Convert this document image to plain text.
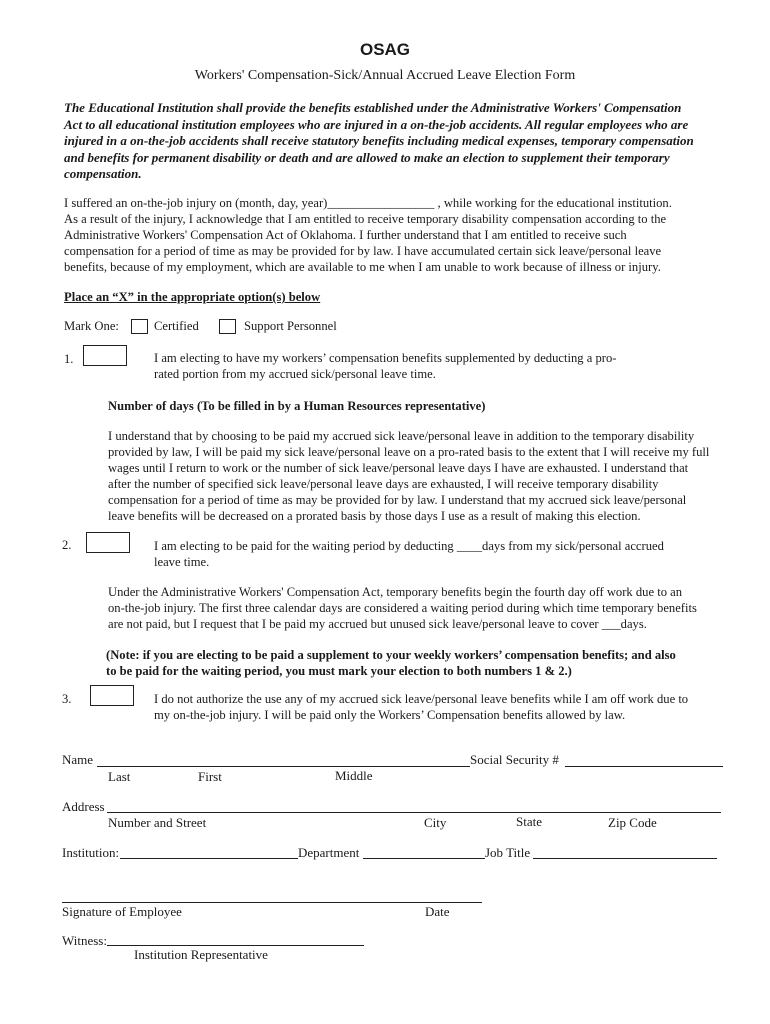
OSAG
Workers' Compensation-Sick/Annual Accrued Leave Election Form
The Educational Institution shall provide the benefits established under the Administrative Workers' Compensation
Act to all educational institution employees who are injured in a on-the-job accidents. All regular employees who are
injured in a on-the-job accidents shall receive statutory benefits including medical expenses, temporary compensation
and benefits for permanent disability or death and are allowed to make an election to supplement their temporary
compensation.
I suffered an on-the-job injury on (month, day, year)_________________ , while working for the educational institution.
As a result of the injury, I acknowledge that I am entitled to receive temporary disability compensation according to the
Administrative Workers' Compensation Act of Oklahoma. I further understand that I am entitled to receive such
compensation for a period of time as may be provided for by law. I have accumulated certain sick leave/personal leave
benefits, because of my employment, which are available to me when I am unable to work because of illness or injury.
Place an “X” in the appropriate option(s) below
Mark One:	Certified	Support Personnel
1.	I am electing to have my workers’ compensation benefits supplemented by deducting a pro-
rated portion from my accrued sick/personal leave time.
Number of days (To be filled in by a Human Resources representative)
I understand that by choosing to be paid my accrued sick leave/personal leave in addition to the temporary disability
provided by law, I will be paid my sick leave/personal leave on a pro-rated basis to the extent that I will receive my full
wages until I return to work or the number of sick leave/personal leave days I have are exhausted. I understand that
after the number of specified sick leave/personal leave days are exhausted, I will receive temporary disability
compensation for a period of time as may be provided for by law. I understand that my accrued sick leave/personal
leave benefits will be decreased on a prorated basis by those days I use as a result of making this election.
2.	I am electing to be paid for the waiting period by deducting ____days from my sick/personal accrued
leave time.
Under the Administrative Workers' Compensation Act, temporary benefits begin the fourth day off work due to an
on-the-job injury. The first three calendar days are considered a waiting period during which time temporary benefits
are not paid, but I request that I be paid my accrued but unused sick leave/personal leave to cover ___days.
(Note: if you are electing to be paid a supplement to your weekly workers’ compensation benefits; and also
to be paid for the waiting period, you must mark your election to both numbers 1 & 2.)
3.	I do not authorize the use any of my accrued sick leave/personal leave benefits while I am off work due to
my on-the-job injury. I will be paid only the Workers’ Compensation benefits allowed by law.
Name	Social Security #
Last	First	Middle
Address
Number and Street	City	State	Zip Code
Institution:	Department	Job Title
Signature of Employee	Date
Witness:
Institution Representative
